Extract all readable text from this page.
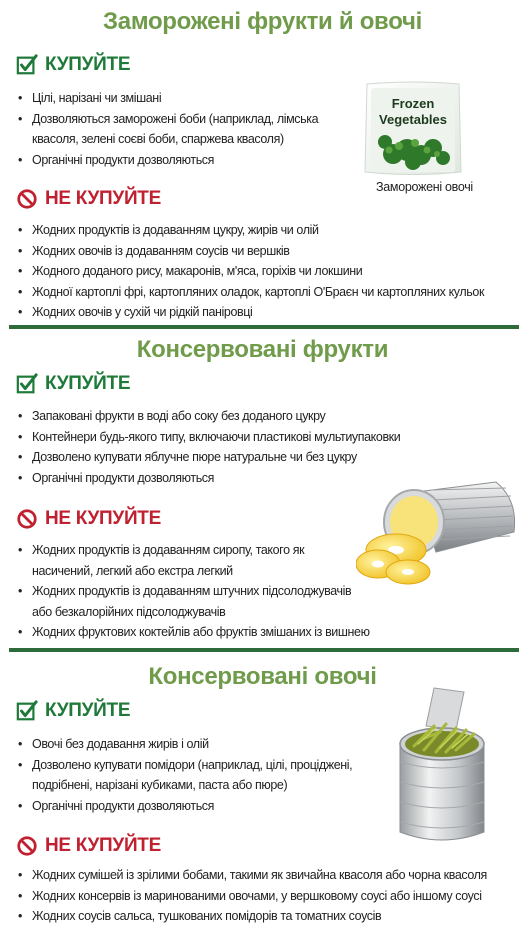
Заморожені фрукти й овочі
КУПУЙТЕ
• Цілі, нарізані чи змішані
• Дозволяються заморожені боби (наприклад, лімська
квасоля, зелені соєві боби, спаржева квасоля)
• Органічні продукти дозволяються
НЕ КУПУЙТЕ
• Жодних продуктів із додаванням цукру, жирів чи олій
• Жодних овочів із додаванням соусів чи вершків
• Жодного доданого рису, макаронів, м'яса, горіхів чи локшини
• Жодної картоплі фрі, картопляних оладок, картоплі О'Браєн чи картопляних кульок
• Жодних овочів у сухій чи рідкій паніровці
Frozen
Vegetables
Заморожені овочі
Консервовані фрукти
КУПУЙТЕ
• Запаковані фрукти в воді або соку без доданого цукру
• Контейнери будь-якого типу, включаючи пластикові мультиупаковки
• Дозволено купувати яблучне пюре натуральне чи без цукру
• Органічні продукти дозволяються
НЕ КУПУЙТЕ
• Жодних продуктів із додаванням сиропу, такого як
насичений, легкий або екстра легкий
• Жодних продуктів із додаванням штучних підсолоджувачів
або безкалорійних підсолоджувачів
• Жодних фруктових коктейлів або фруктів змішаних із вишнею
Консервовані овочі
КУПУЙТЕ
• Овочі без додавання жирів і олій
• Дозволено купувати помідори (наприклад, цілі, проціджені,
подрібнені, нарізані кубиками, паста або пюре)
• Органічні продукти дозволяються
НЕ КУПУЙТЕ
• Жодних сумішей із зрілими бобами, такими як звичайна квасоля або чорна квасоля
• Жодних консервів із маринованими овочами, у вершковому соусі або іншому соусі
• Жодних соусів сальса, тушкованих помідорів та томатних соусів
